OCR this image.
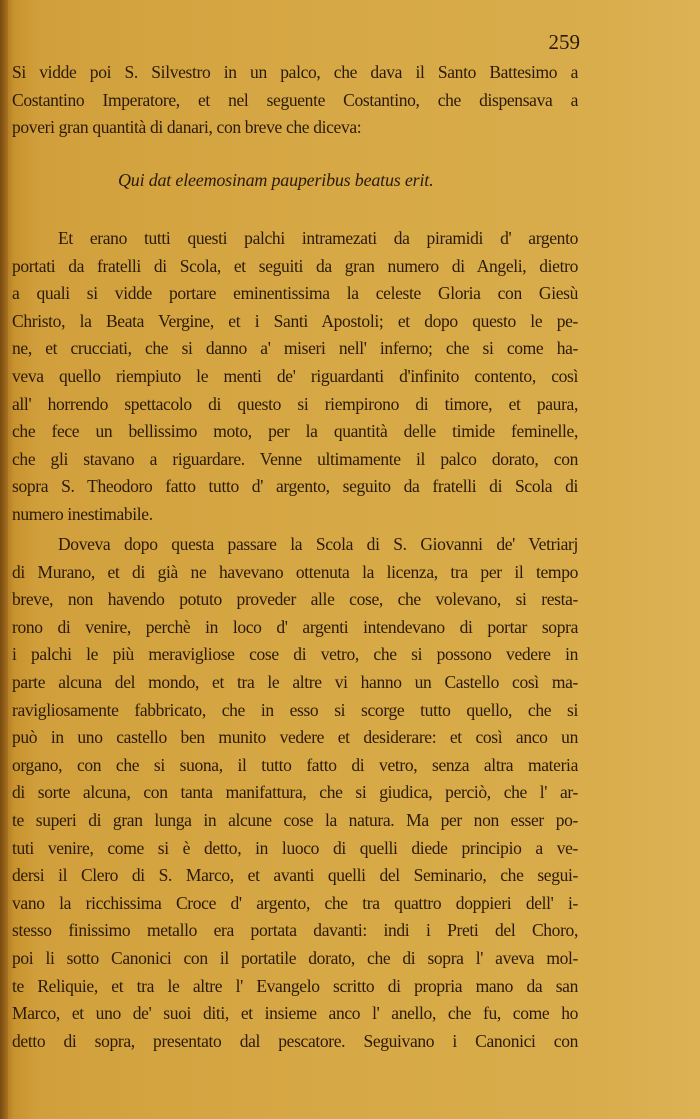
259
Si vidde poi S. Silvestro in un palco, che dava il Santo Battesimo a
Costantino Imperatore, et nel seguente Costantino, che dispensava a
poveri gran quantità di danari, con breve che diceva:
Qui dat eleemosinam pauperibus beatus erit.
Et erano tutti questi palchi intramezati da piramidi d' argento
portati da fratelli di Scola, et seguiti da gran numero di Angeli, dietro
a quali si vidde portare eminentissima la celeste Gloria con Giesù
Christo, la Beata Vergine, et i Santi Apostoli; et dopo questo le pe-
ne, et crucciati, che si danno a' miseri nell' inferno; che si come ha-
veva quello riempiuto le menti de' riguardanti d'infinito contento, così
all' horrendo spettacolo di questo si riempirono di timore, et paura,
che fece un bellissimo moto, per la quantità delle timide feminelle,
che gli stavano a riguardare. Venne ultimamente il palco dorato, con
sopra S. Theodoro fatto tutto d' argento, seguito da fratelli di Scola di
numero inestimabile.
Doveva dopo questa passare la Scola di S. Giovanni de' Vetriarj
di Murano, et di già ne havevano ottenuta la licenza, tra per il tempo
breve, non havendo potuto proveder alle cose, che volevano, si resta-
rono di venire, perchè in loco d' argenti intendevano di portar sopra
i palchi le più meravigliose cose di vetro, che si possono vedere in
parte alcuna del mondo, et tra le altre vi hanno un Castello così ma-
ravigliosamente fabbricato, che in esso si scorge tutto quello, che si
può in uno castello ben munito vedere et desiderare: et così anco un
organo, con che si suona, il tutto fatto di vetro, senza altra materia
di sorte alcuna, con tanta manifattura, che si giudica, perciò, che l' ar-
te superi di gran lunga in alcune cose la natura. Ma per non esser po-
tuti venire, come si è detto, in luoco di quelli diede principio a ve-
dersi il Clero di S. Marco, et avanti quelli del Seminario, che segui-
vano la ricchissima Croce d' argento, che tra quattro doppieri dell' i-
stesso finissimo metallo era portata davanti: indi i Preti del Choro,
poi li sotto Canonici con il portatile dorato, che di sopra l' aveva mol-
te Reliquie, et tra le altre l' Evangelo scritto di propria mano da san
Marco, et uno de' suoi diti, et insieme anco l' anello, che fu, come ho
detto di sopra, presentato dal pescatore. Seguivano i Canonici con
